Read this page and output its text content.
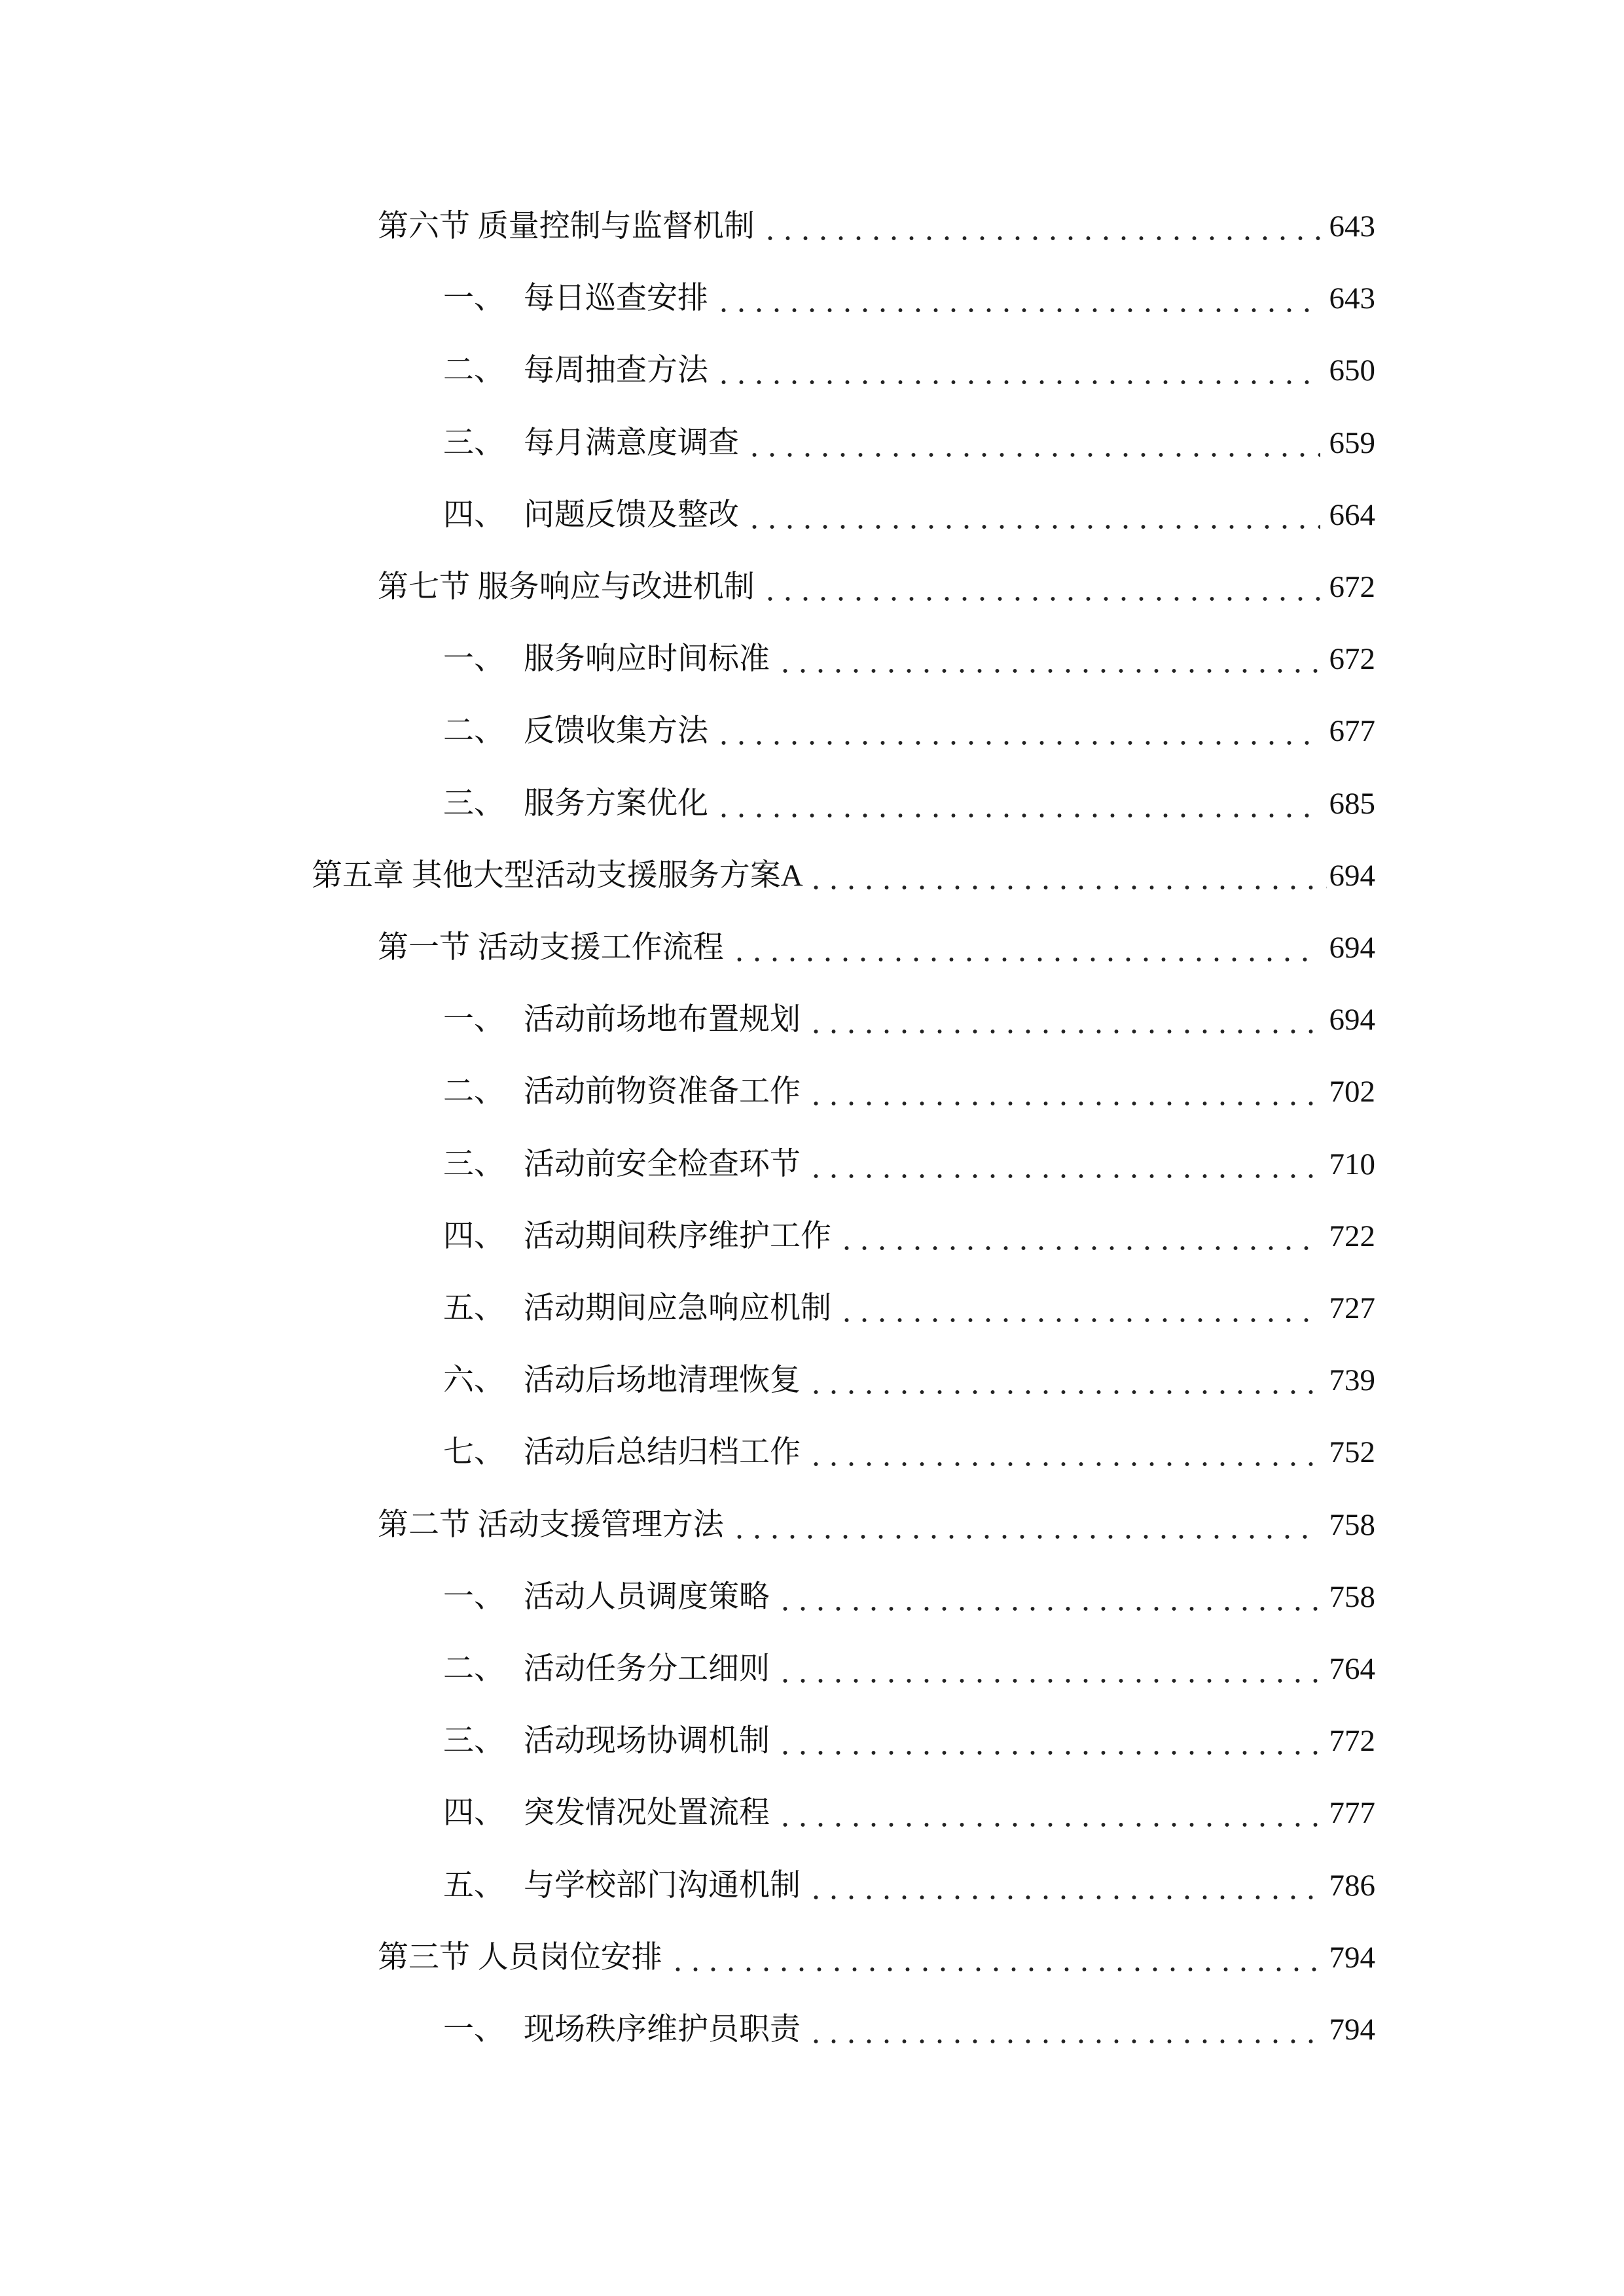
第六节 质量控制与监督机制	643
一、 每日巡查安排	643
二、 每周抽查方法	650
三、 每月满意度调查	659
四、 问题反馈及整改	664
第七节 服务响应与改进机制	672
一、 服务响应时间标准	672
二、 反馈收集方法	677
三、 服务方案优化	685
第五章 其他大型活动支援服务方案A	694
第一节 活动支援工作流程	694
一、 活动前场地布置规划	694
二、 活动前物资准备工作	702
三、 活动前安全检查环节	710
四、 活动期间秩序维护工作	722
五、 活动期间应急响应机制	727
六、 活动后场地清理恢复	739
七、 活动后总结归档工作	752
第二节 活动支援管理方法	758
一、 活动人员调度策略	758
二、 活动任务分工细则	764
三、 活动现场协调机制	772
四、 突发情况处置流程	777
五、 与学校部门沟通机制	786
第三节 人员岗位安排	794
一、 现场秩序维护员职责	794
